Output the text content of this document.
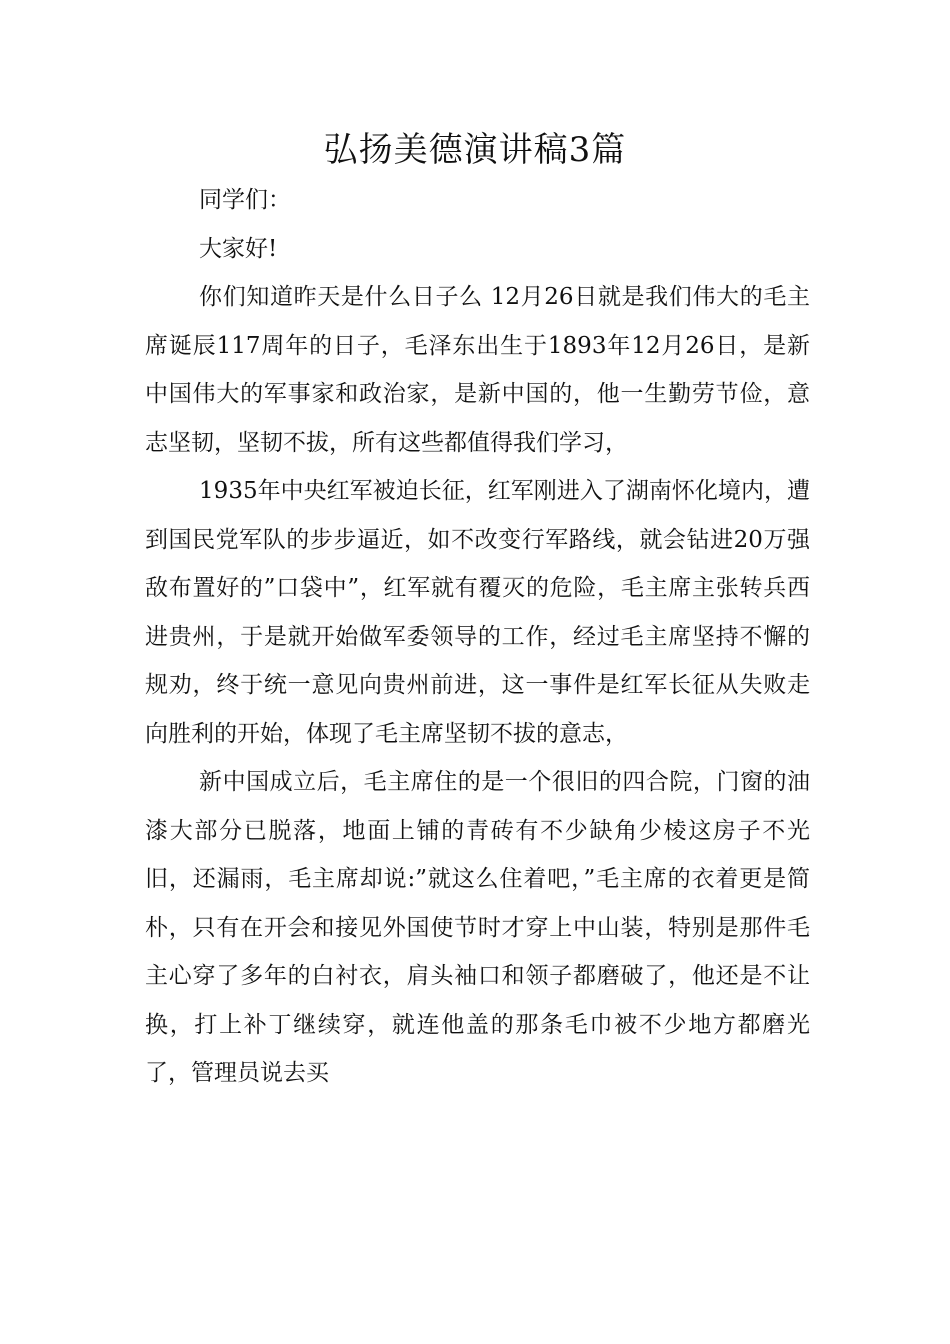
弘扬美德演讲稿3篇

同学们：

大家好!

你们知道昨天是什么日子么 12月26日就是我们伟大的毛主席诞辰117周年的日子，毛泽东出生于1893年12月26日，是新中国伟大的军事家和政治家，是新中国的，他一生勤劳节俭，意志坚韧，坚韧不拔，所有这些都值得我们学习，

1935年中央红军被迫长征，红军刚进入了湖南怀化境内，遭到国民党军队的步步逼近，如不改变行军路线，就会钻进20万强敌布置好的”口袋中”，红军就有覆灭的危险，毛主席主张转兵西进贵州，于是就开始做军委领导的工作，经过毛主席坚持不懈的规劝，终于统一意见向贵州前进，这一事件是红军长征从失败走向胜利的开始，体现了毛主席坚韧不拔的意志，

新中国成立后，毛主席住的是一个很旧的四合院，门窗的油漆大部分已脱落，地面上铺的青砖有不少缺角少棱这房子不光旧，还漏雨，毛主席却说:”就这么住着吧，”毛主席的衣着更是简朴，只有在开会和接见外国使节时才穿上中山装，特别是那件毛主心穿了多年的白衬衣，肩头袖口和领子都磨破了，他还是不让换，打上补丁继续穿，就连他盖的那条毛巾被不少地方都磨光了，管理员说去买
